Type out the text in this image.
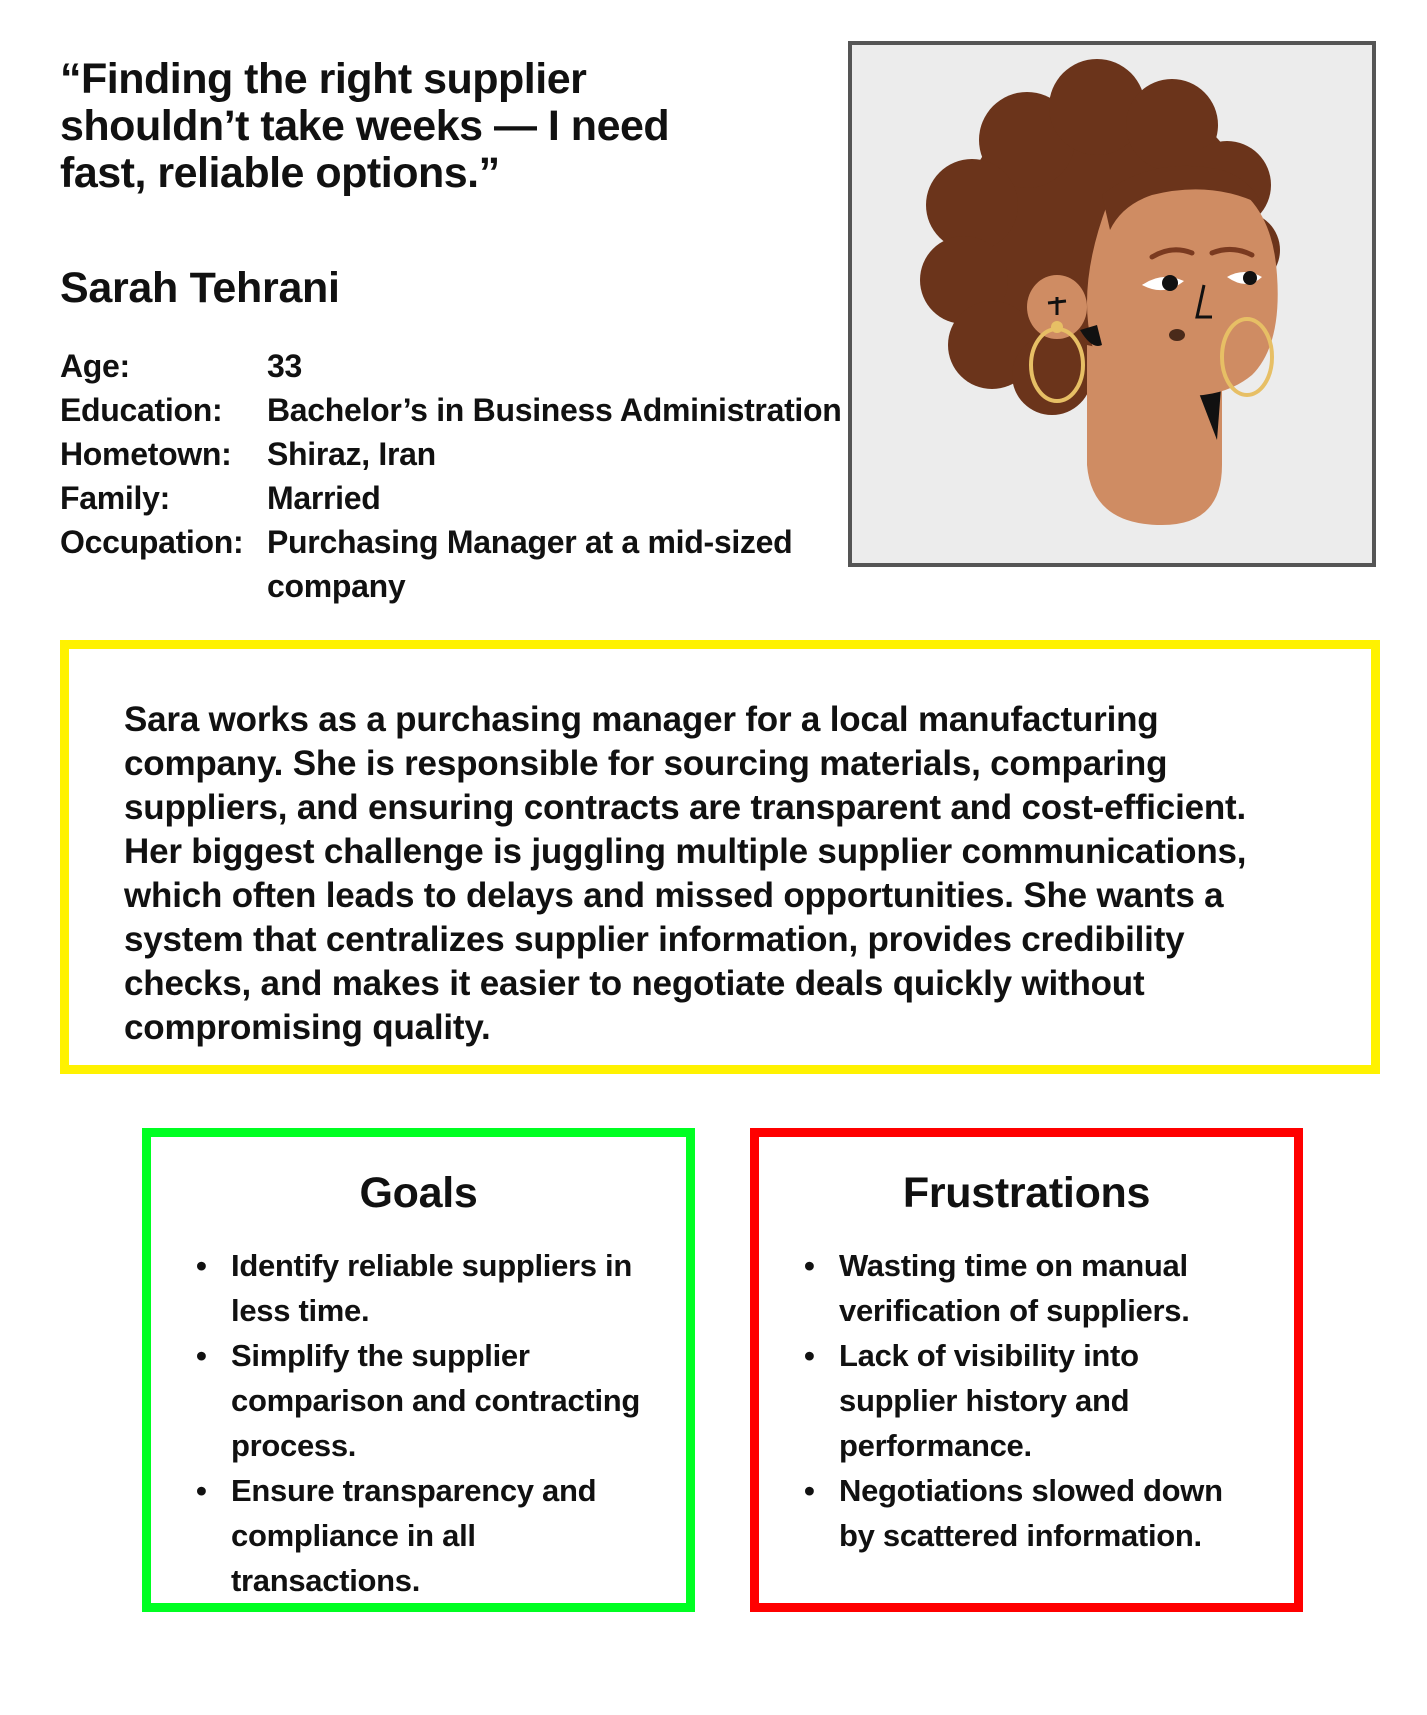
“Finding the right supplier
shouldn’t take weeks — I need
fast, reliable options.”
Sarah Tehrani
Age:	33
Education:	Bachelor’s in Business Administration
Hometown:	Shiraz, Iran
Family:	Married
Occupation: Purchasing Manager at a mid-sized
company
Sara works as a purchasing manager for a local manufacturing
company. She is responsible for sourcing materials, comparing
suppliers, and ensuring contracts are transparent and cost-efficient.
Her biggest challenge is juggling multiple supplier communications,
which often leads to delays and missed opportunities. She wants a
system that centralizes supplier information, provides credibility
checks, and makes it easier to negotiate deals quickly without
compromising quality.
Goals
• Identify reliable suppliers in
less time.
• Simplify the supplier
comparison and contracting
process.
• Ensure transparency and
compliance in all transactions.
Frustrations
• Wasting time on manual
verification of suppliers.
• Lack of visibility into
supplier history and
performance.
• Negotiations slowed down
by scattered information.
